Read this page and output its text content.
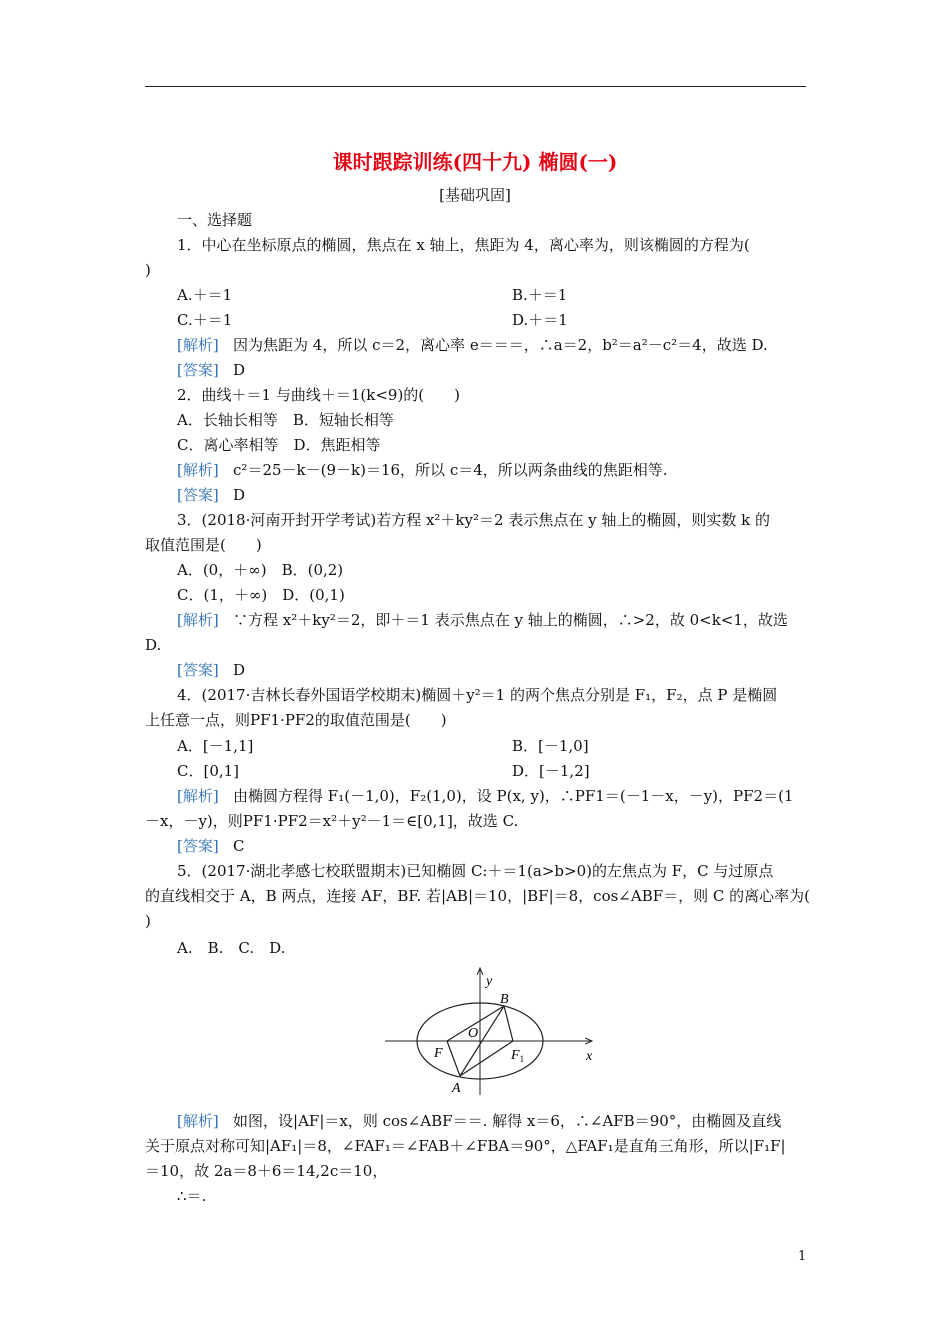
课时跟踪训练(四十九) 椭圆(一)
[基础巩固]
一、选择题
1．中心在坐标原点的椭圆，焦点在 x 轴上，焦距为 4，离心率为，则该椭圆的方程为(
)
A.＋＝1	B.＋＝1
C.＋＝1	D.＋＝1
[解析] 因为焦距为 4，所以 c＝2，离心率 e＝＝＝，∴a＝2，b²＝a²－c²＝4，故选 D.
[答案] D
2．曲线＋＝1 与曲线＋＝1(k<9)的(　　)
A．长轴长相等　B．短轴长相等
C．离心率相等　D．焦距相等
[解析] c²＝25－k－(9－k)＝16，所以 c＝4，所以两条曲线的焦距相等.
[答案] D
3．(2018·河南开封开学考试)若方程 x²＋ky²＝2 表示焦点在 y 轴上的椭圆，则实数 k 的
取值范围是(　　)
A．(0，＋∞)　B．(0,2)
C．(1，＋∞)　D．(0,1)
[解析] ∵方程 x²＋ky²＝2，即＋＝1 表示焦点在 y 轴上的椭圆，∴>2，故 0<k<1，故选
D.
[答案] D
4．(2017·吉林长春外国语学校期末)椭圆＋y²＝1 的两个焦点分别是 F₁，F₂，点 P 是椭圆
上任意一点，则PF1·PF2的取值范围是(　　)
A．[－1,1]	B．[－1,0]
C．[0,1]	D．[－1,2]
[解析] 由椭圆方程得 F₁(－1,0)，F₂(1,0)，设 P(x, y)，∴PF1＝(－1－x，－y)，PF2＝(1
－x，－y)，则PF1·PF2＝x²＋y²－1＝∈[0,1]，故选 C.
[答案] C
5．(2017·湖北孝感七校联盟期末)已知椭圆 C:＋＝1(a>b>0)的左焦点为 F，C 与过原点
的直线相交于 A，B 两点，连接 AF，BF. 若|AB|＝10，|BF|＝8，cos∠ABF＝，则 C 的离心率为(
)
A.　B.　C.　D.
y
x
B
O
F	$F_1$
A
[解析] 如图，设|AF|＝x，则 cos∠ABF＝＝. 解得 x＝6，∴∠AFB＝90°，由椭圆及直线
关于原点对称可知|AF₁|＝8，∠FAF₁＝∠FAB＋∠FBA＝90°，△FAF₁是直角三角形，所以|F₁F|
＝10，故 2a＝8＋6＝14,2c＝10，
∴＝.
1
